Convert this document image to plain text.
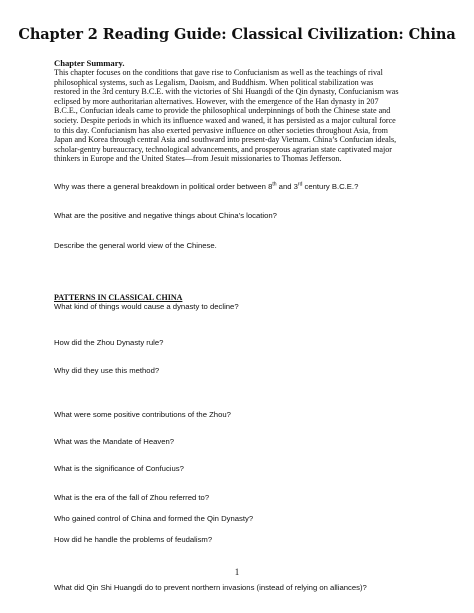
Chapter 2 Reading Guide: Classical Civilization: China
Chapter Summary.
This chapter focuses on the conditions that gave rise to Confucianism as well as the teachings of rival
philosophical systems, such as Legalism, Daoism, and Buddhism. When political stabilization was
restored in the 3rd century B.C.E. with the victories of Shi Huangdi of the Qin dynasty, Confucianism was
eclipsed by more authoritarian alternatives. However, with the emergence of the Han dynasty in 207
B.C.E., Confucian ideals came to provide the philosophical underpinnings of both the Chinese state and
society. Despite periods in which its influence waxed and waned, it has persisted as a major cultural force
to this day. Confucianism has also exerted pervasive influence on other societies throughout Asia, from
Japan and Korea through central Asia and southward into present-day Vietnam. China’s Confucian ideals,
scholar-gentry bureaucracy, technological advancements, and prosperous agrarian state captivated major
thinkers in Europe and the United States—from Jesuit missionaries to Thomas Jefferson.
Why was there a general breakdown in political order between 8th and 3rd century B.C.E.?
What are the positive and negative things about China’s location?
Describe the general world view of the Chinese.
PATTERNS IN CLASSICAL CHINA
What kind of things would cause a dynasty to decline?
How did the Zhou Dynasty rule?
Why did they use this method?
What were some positive contributions of the Zhou?
What was the Mandate of Heaven?
What is the significance of Confucius?
What is the era of the fall of Zhou referred to?
Who gained control of China and formed the Qin Dynasty?
How did he handle the problems of feudalism?
What did Qin Shi Huangdi do to prevent northern invasions (instead of relying on alliances)?
1
